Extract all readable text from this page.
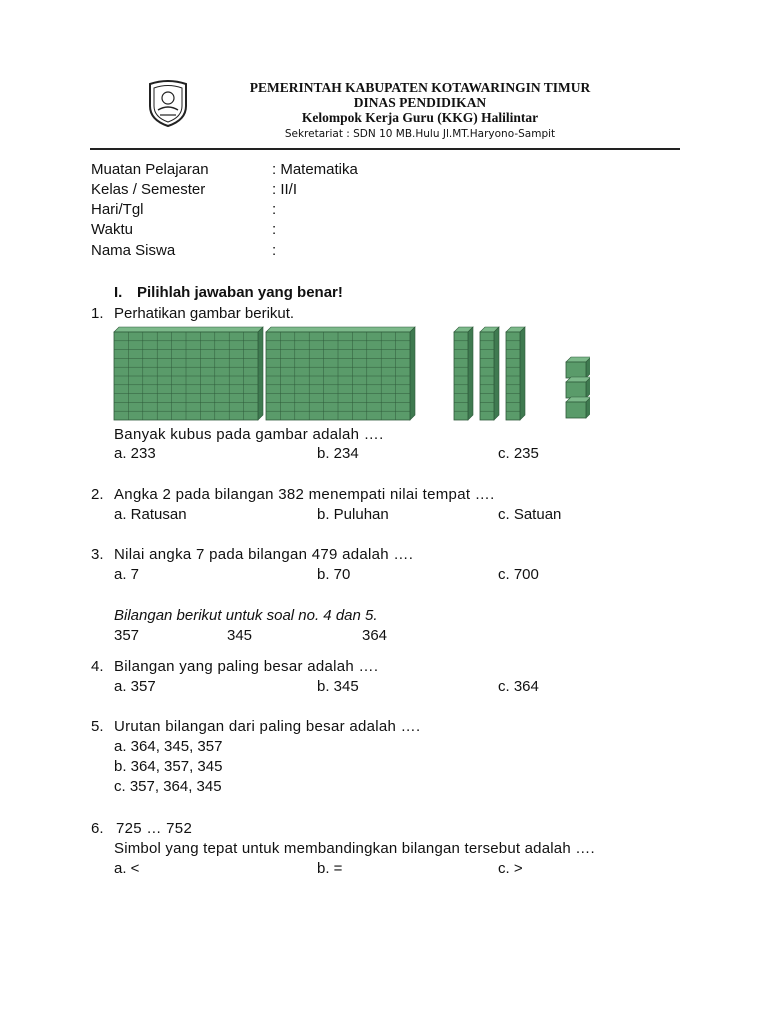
PEMERINTAH KABUPATEN KOTAWARINGIN TIMUR
DINAS PENDIDIKAN
Kelompok Kerja Guru (KKG) Halilintar
Sekretariat : SDN 10 MB.Hulu Jl.MT.Haryono-Sampit
Muatan Pelajaran	: Matematika
Kelas / Semester	: II/I
Hari/Tgl	:
Waktu	:
Nama Siswa	:
I. Pilihlah jawaban yang benar!
1. Perhatikan gambar berikut.
Banyak kubus pada gambar adalah ….
a. 233	b. 234	c. 235
2. Angka 2 pada bilangan 382 menempati nilai tempat ….
a. Ratusan	b. Puluhan	c. Satuan
3. Nilai angka 7 pada bilangan 479 adalah ….
a. 7	b. 70	c. 700
Bilangan berikut untuk soal no. 4 dan 5.
357	345	364
4. Bilangan yang paling besar adalah ….
a. 357	b. 345	c. 364
5. Urutan bilangan dari paling besar adalah ….
a. 364, 345, 357
b. 364, 357, 345
c. 357, 364, 345
6. 725 … 752
Simbol yang tepat untuk membandingkan bilangan tersebut adalah ….
a. <	b. =	c. >
